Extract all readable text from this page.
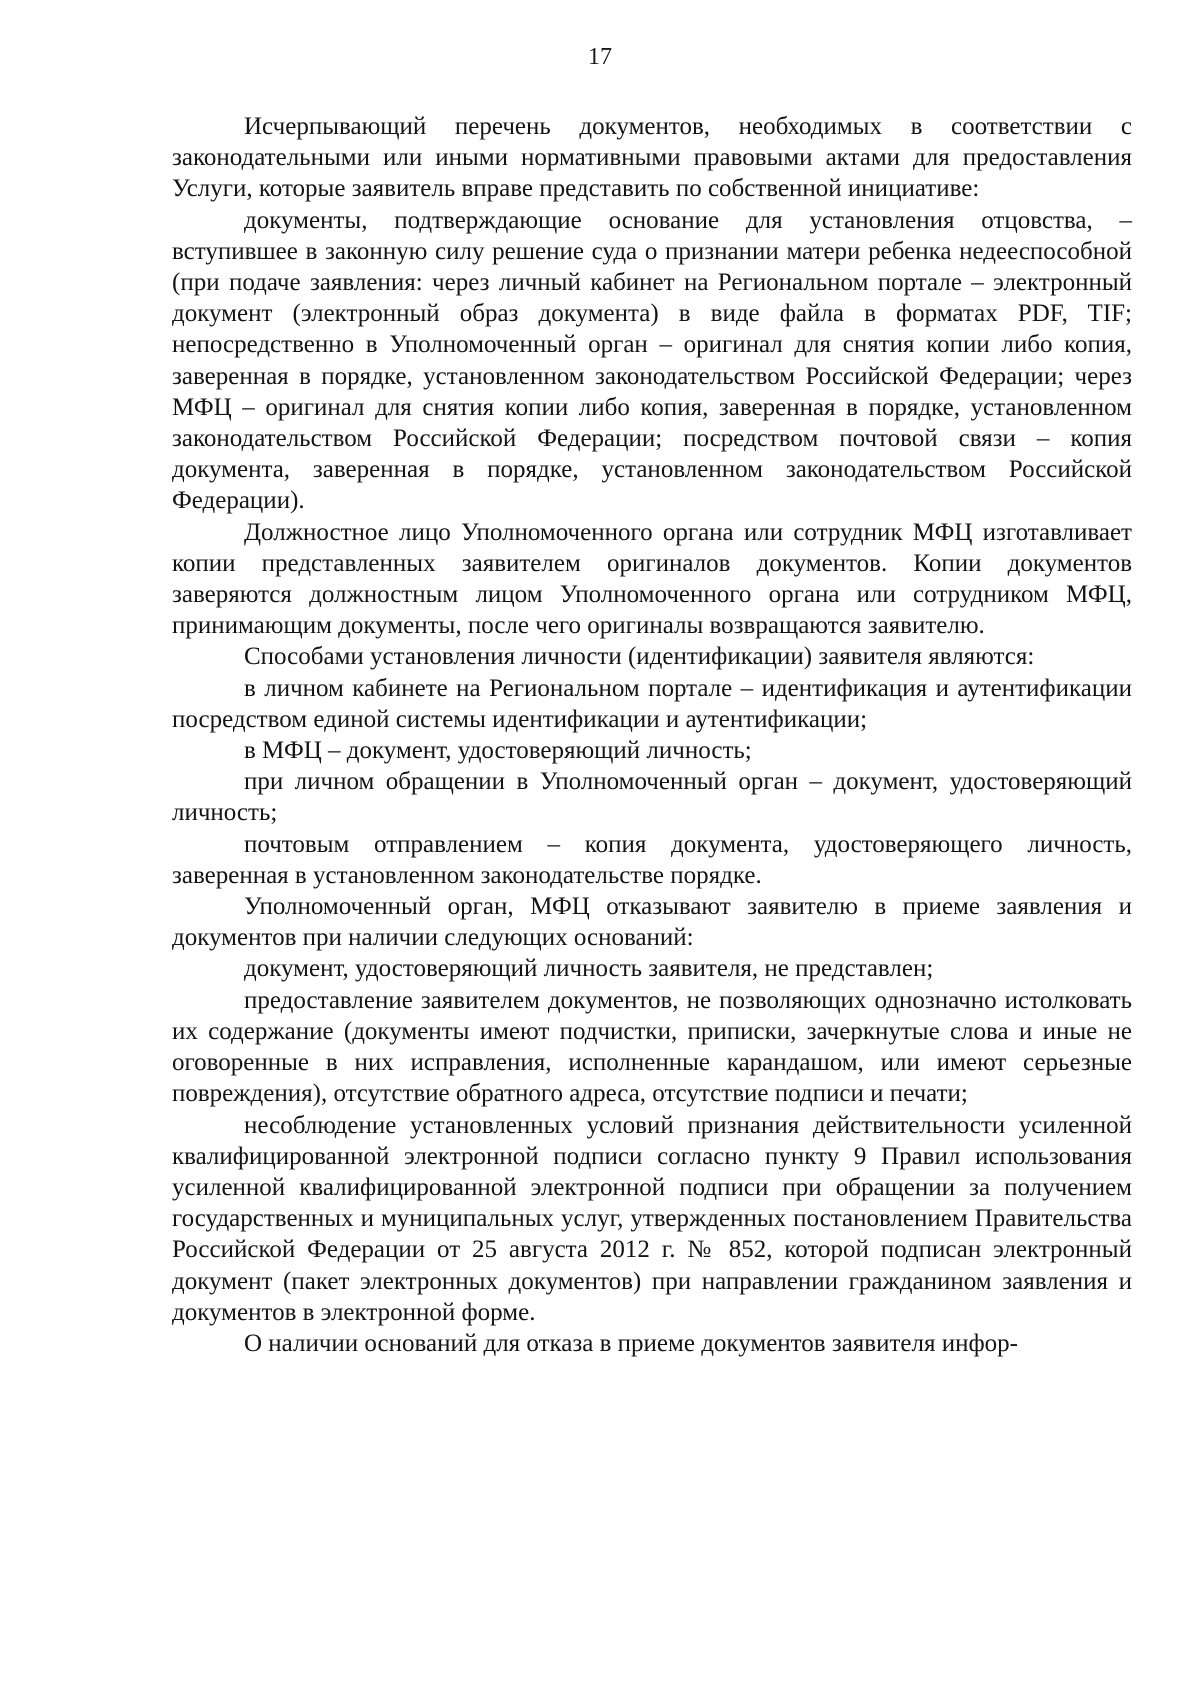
17

Исчерпывающий перечень документов, необходимых в соответствии с законодательными или иными нормативными правовыми актами для предоставления Услуги, которые заявитель вправе представить по собственной инициативе:

документы, подтверждающие основание для установления отцовства, – вступившее в законную силу решение суда о признании матери ребенка недееспособной (при подаче заявления: через личный кабинет на Региональном портале – электронный документ (электронный образ документа) в виде файла в форматах PDF, TIF; непосредственно в Уполномоченный орган – оригинал для снятия копии либо копия, заверенная в порядке, установленном законодательством Российской Федерации; через МФЦ – оригинал для снятия копии либо копия, заверенная в порядке, установленном законодательством Российской Федерации; посредством почтовой связи – копия документа, заверенная в порядке, установленном законодательством Российской Федерации).

Должностное лицо Уполномоченного органа или сотрудник МФЦ изготавливает копии представленных заявителем оригиналов документов. Копии документов заверяются должностным лицом Уполномоченного органа или сотрудником МФЦ, принимающим документы, после чего оригиналы возвращаются заявителю.

Способами установления личности (идентификации) заявителя являются:

в личном кабинете на Региональном портале – идентификация и аутентификации посредством единой системы идентификации и аутентификации;

в МФЦ – документ, удостоверяющий личность;

при личном обращении в Уполномоченный орган – документ, удостоверяющий личность;

почтовым отправлением – копия документа, удостоверяющего личность, заверенная в установленном законодательстве порядке.

Уполномоченный орган, МФЦ отказывают заявителю в приеме заявления и документов при наличии следующих оснований:

документ, удостоверяющий личность заявителя, не представлен;

предоставление заявителем документов, не позволяющих однозначно истолковать их содержание (документы имеют подчистки, приписки, зачеркнутые слова и иные не оговоренные в них исправления, исполненные карандашом, или имеют серьезные повреждения), отсутствие обратного адреса, отсутствие подписи и печати;

несоблюдение установленных условий признания действительности усиленной квалифицированной электронной подписи согласно пункту 9 Правил использования усиленной квалифицированной электронной подписи при обращении за получением государственных и муниципальных услуг, утвержденных постановлением Правительства Российской Федерации от 25 августа 2012 г. № 852, которой подписан электронный документ (пакет электронных документов) при направлении гражданином заявления и документов в электронной форме.

О наличии оснований для отказа в приеме документов заявителя инфор-
